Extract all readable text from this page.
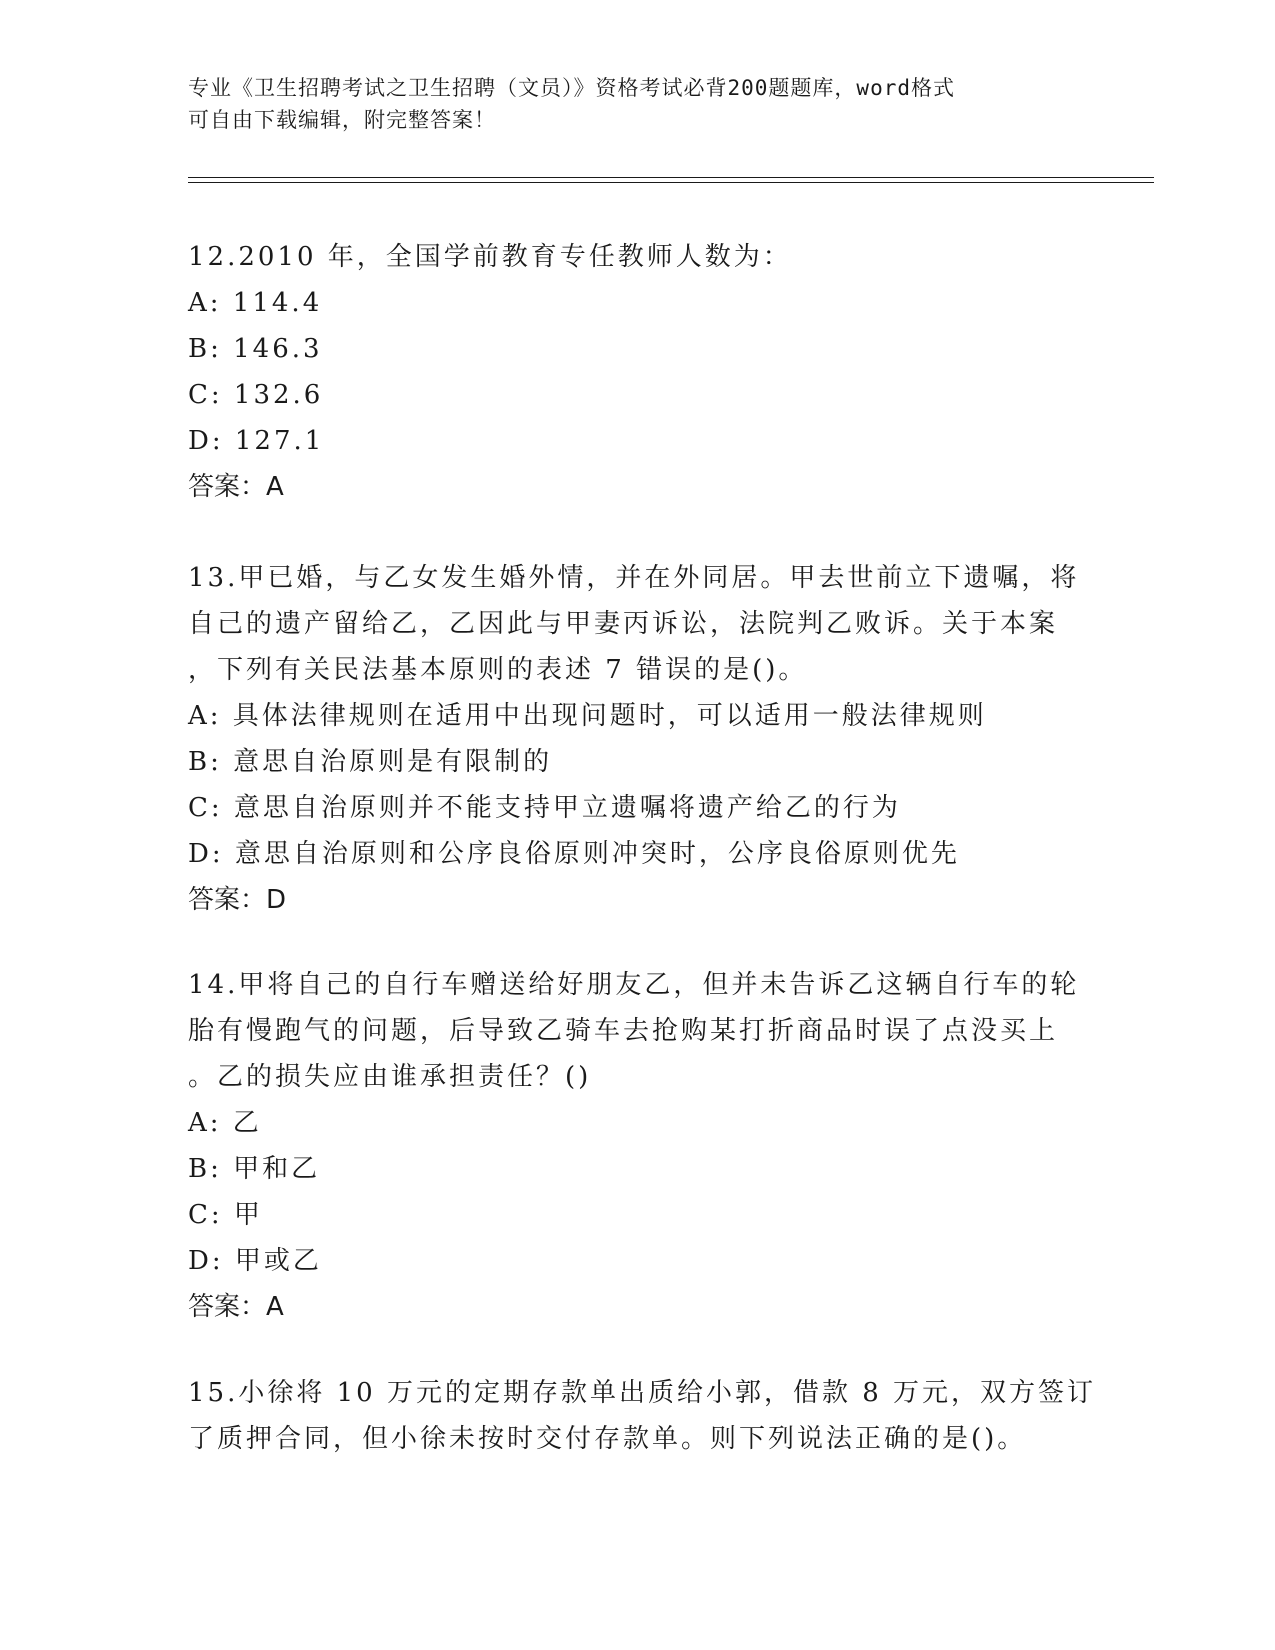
专业《卫生招聘考试之卫生招聘（文员）》资格考试必背200题题库，word格式
可自由下载编辑，附完整答案！
12.2010 年，全国学前教育专任教师人数为：
A: 114.4
B: 146.3
C: 132.6
D: 127.1
答案：A
13.甲已婚，与乙女发生婚外情，并在外同居。甲去世前立下遗嘱，将
自己的遗产留给乙，乙因此与甲妻丙诉讼，法院判乙败诉。关于本案
，下列有关民法基本原则的表述 7 错误的是()。
A: 具体法律规则在适用中出现问题时，可以适用一般法律规则
B: 意思自治原则是有限制的
C: 意思自治原则并不能支持甲立遗嘱将遗产给乙的行为
D: 意思自治原则和公序良俗原则冲突时，公序良俗原则优先
答案：D
14.甲将自己的自行车赠送给好朋友乙，但并未告诉乙这辆自行车的轮
胎有慢跑气的问题，后导致乙骑车去抢购某打折商品时误了点没买上
。乙的损失应由谁承担责任？()
A: 乙
B: 甲和乙
C: 甲
D: 甲或乙
答案：A
15.小徐将 10 万元的定期存款单出质给小郭，借款 8 万元，双方签订
了质押合同，但小徐未按时交付存款单。则下列说法正确的是()。
